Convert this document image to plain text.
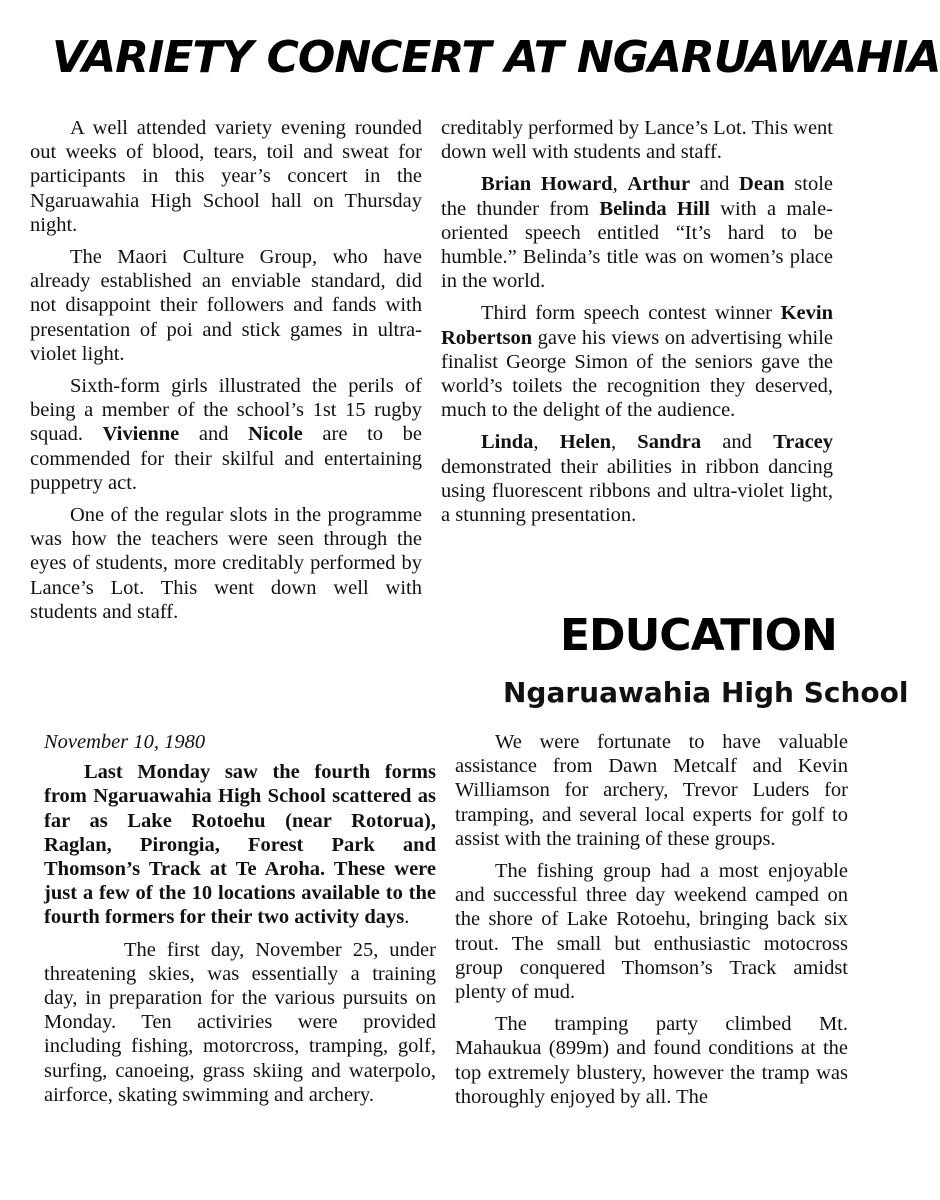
VARIETY CONCERT AT NGARUAWAHIA

A well attended variety evening rounded out weeks of blood, tears, toil and sweat for participants in this year’s concert in the Ngaruawahia High School hall on Thursday night.

The Maori Culture Group, who have already established an enviable standard, did not disappoint their followers and fands with presentation of poi and stick games in ultra-violet light.

Sixth-form girls illustrated the perils of being a member of the school’s 1st 15 rugby squad. Vivienne and Nicole are to be commended for their skilful and entertaining puppetry act.

One of the regular slots in the programme was how the teachers were seen through the eyes of students, more creditably performed by Lance’s Lot. This went down well with students and staff.

creditably performed by Lance’s Lot. This went down well with students and staff.

Brian Howard, Arthur and Dean stole the thunder from Belinda Hill with a male-oriented speech entitled “It’s hard to be humble.” Belinda’s title was on women’s place in the world.

Third form speech contest winner Kevin Robertson gave his views on advertising while finalist George Simon of the seniors gave the world’s toilets the recognition they deserved, much to the delight of the audience.

Linda, Helen, Sandra and Tracey demonstrated their abilities in ribbon dancing using fluorescent ribbons and ultra-violet light, a stunning presentation.

EDUCATION
Ngaruawahia High School

November 10, 1980

Last Monday saw the fourth forms from Ngaruawahia High School scattered as far as Lake Rotoehu (near Rotorua), Raglan, Pirongia, Forest Park and Thomson’s Track at Te Aroha. These were just a few of the 10 locations available to the fourth formers for their two activity days.

The first day, November 25, under threatening skies, was essentially a training day, in preparation for the various pursuits on Monday. Ten activiries were provided including fishing, motorcross, tramping, golf, surfing, canoeing, grass skiing and waterpolo, airforce, skating swimming and archery.

We were fortunate to have valuable assistance from Dawn Metcalf and Kevin Williamson for archery, Trevor Luders for tramping, and several local experts for golf to assist with the training of these groups.

The fishing group had a most enjoyable and successful three day weekend camped on the shore of Lake Rotoehu, bringing back six trout. The small but enthusiastic motocross group conquered Thomson’s Track amidst plenty of mud.

The tramping party climbed Mt. Mahaukua (899m) and found conditions at the top extremely blustery, however the tramp was thoroughly enjoyed by all. The
